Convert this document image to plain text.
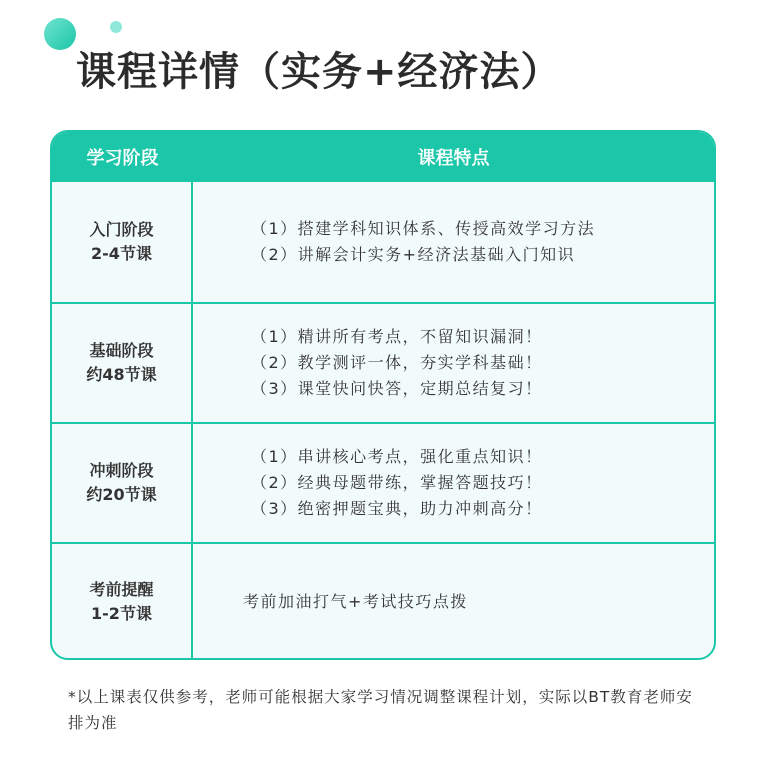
课程详情（实务+经济法）
学习阶段	课程特点
入门阶段
2-4节课
（1）搭建学科知识体系、传授高效学习方法
（2）讲解会计实务+经济法基础入门知识
基础阶段
约48节课
（1）精讲所有考点，不留知识漏洞！
（2）教学测评一体，夯实学科基础！
（3）课堂快问快答，定期总结复习！
冲刺阶段
约20节课
（1）串讲核心考点，强化重点知识！
（2）经典母题带练，掌握答题技巧！
（3）绝密押题宝典，助力冲刺高分！
考前提醒
1-2节课
考前加油打气+考试技巧点拨
*以上课表仅供参考，老师可能根据大家学习情况调整课程计划，实际以BT教育老师安排为准
